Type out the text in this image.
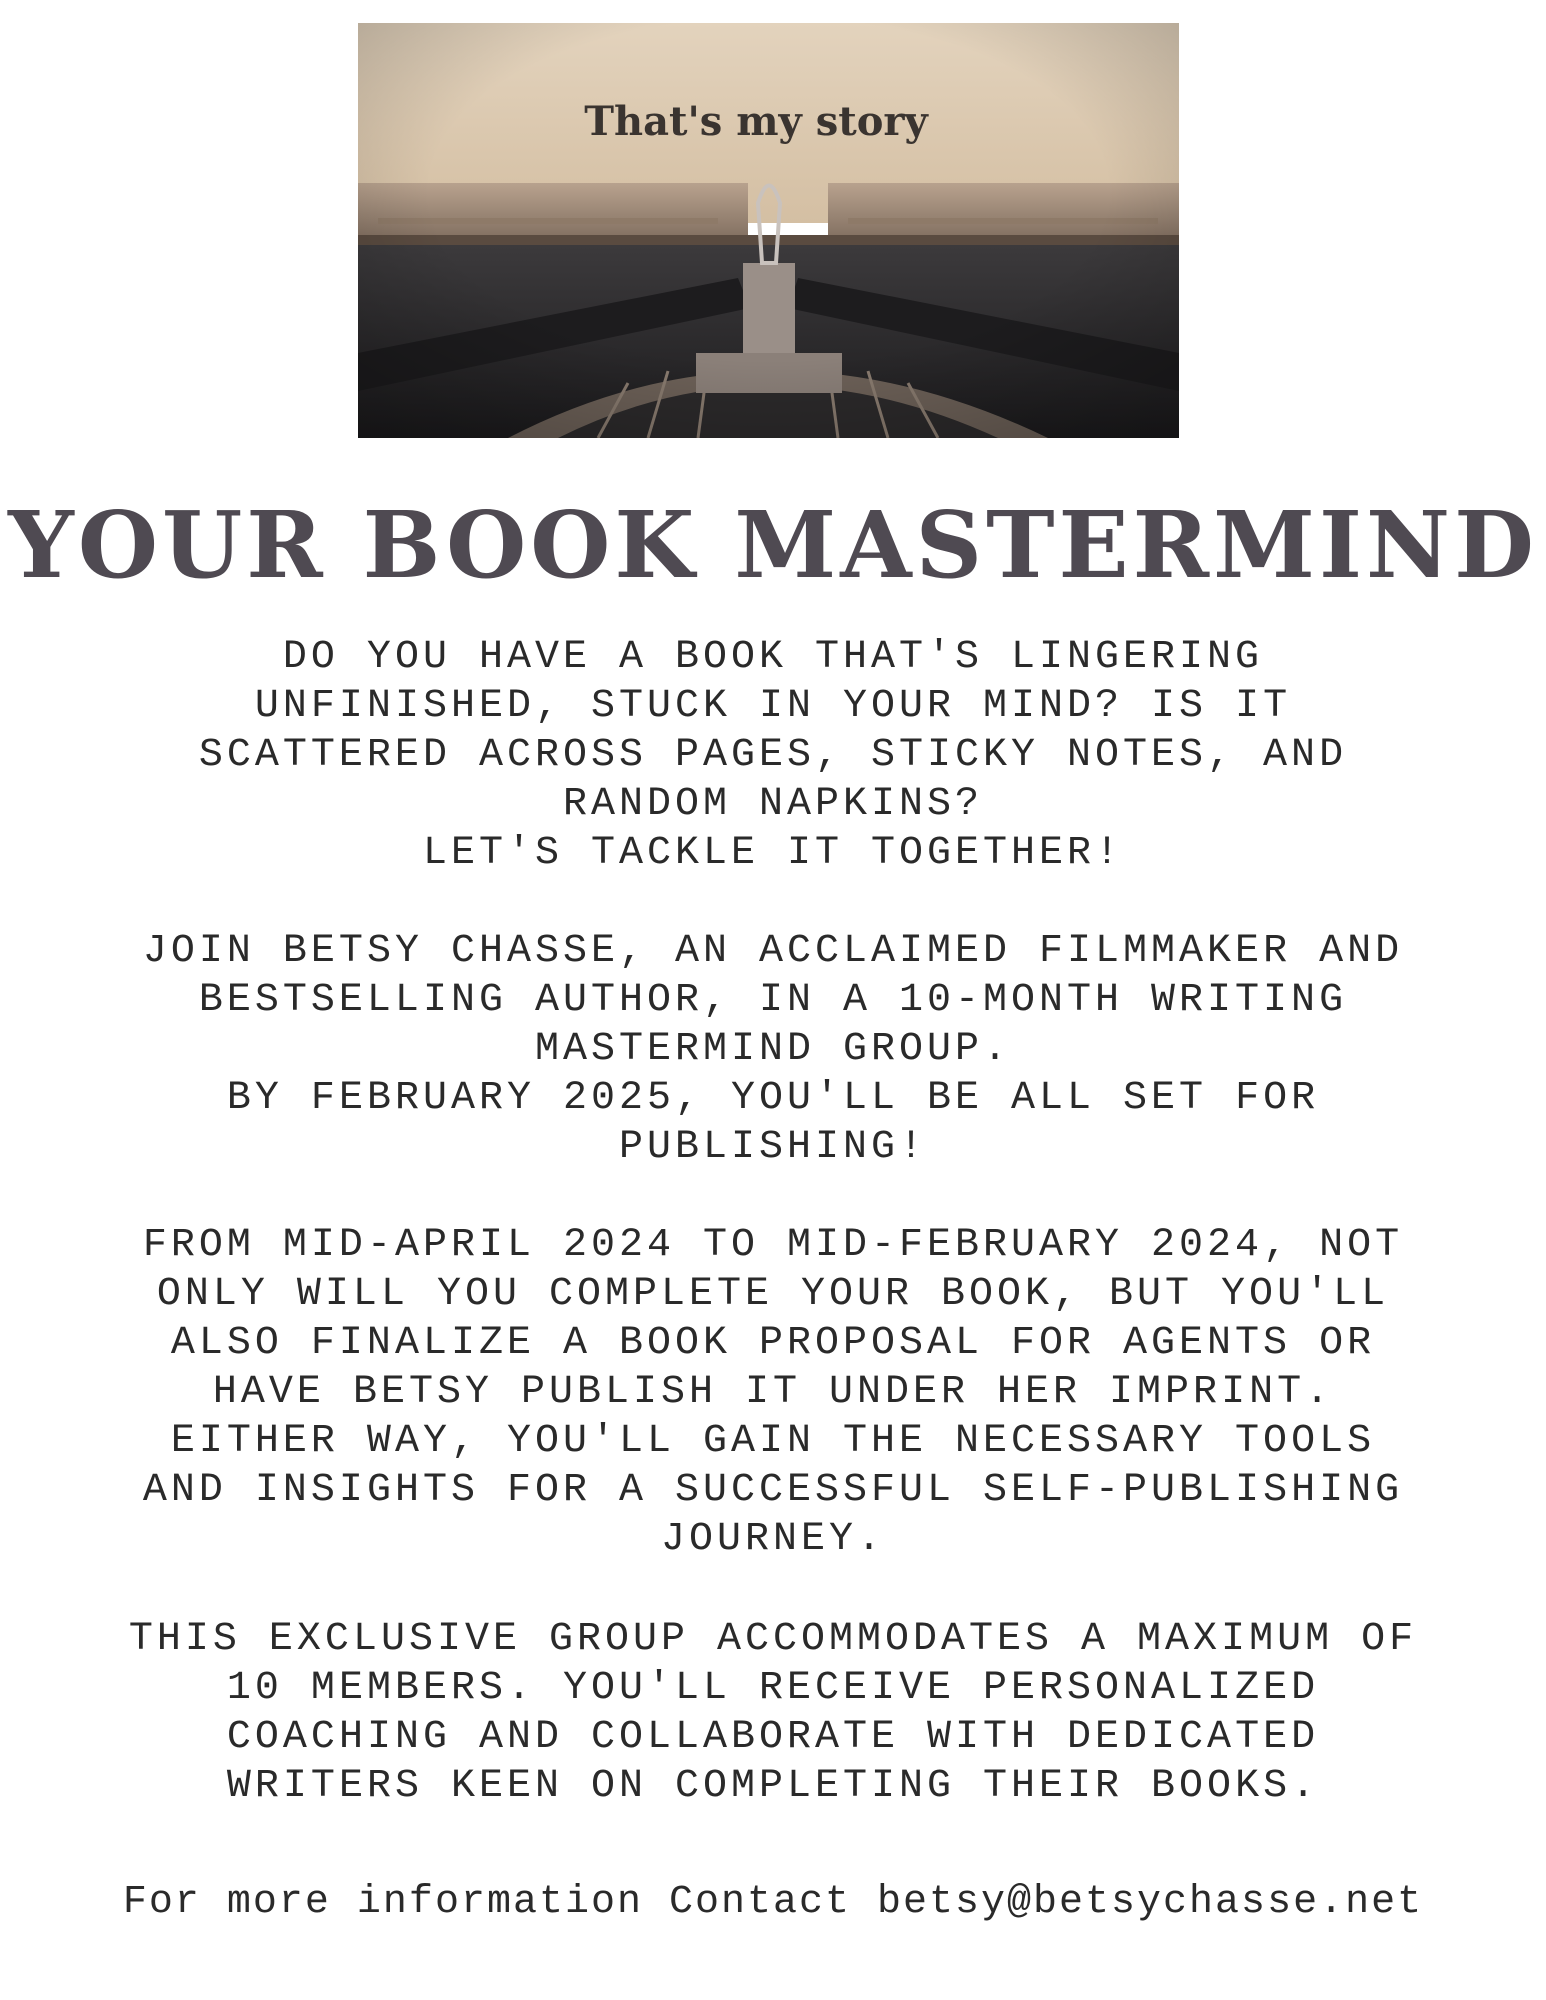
YOUR BOOK MASTERMIND
DO YOU HAVE A BOOK THAT'S LINGERING
UNFINISHED, STUCK IN YOUR MIND? IS IT
SCATTERED ACROSS PAGES, STICKY NOTES, AND
RANDOM NAPKINS?
LET'S TACKLE IT TOGETHER!
JOIN BETSY CHASSE, AN ACCLAIMED FILMMAKER AND
BESTSELLING AUTHOR, IN A 10-MONTH WRITING
MASTERMIND GROUP.
BY FEBRUARY 2025, YOU'LL BE ALL SET FOR
PUBLISHING!
FROM MID-APRIL 2024 TO MID-FEBRUARY 2024, NOT
ONLY WILL YOU COMPLETE YOUR BOOK, BUT YOU'LL
ALSO FINALIZE A BOOK PROPOSAL FOR AGENTS OR
HAVE BETSY PUBLISH IT UNDER HER IMPRINT.
EITHER WAY, YOU'LL GAIN THE NECESSARY TOOLS
AND INSIGHTS FOR A SUCCESSFUL SELF-PUBLISHING
JOURNEY.
THIS EXCLUSIVE GROUP ACCOMMODATES A MAXIMUM OF
10 MEMBERS. YOU'LL RECEIVE PERSONALIZED
COACHING AND COLLABORATE WITH DEDICATED
WRITERS KEEN ON COMPLETING THEIR BOOKS.
For more information Contact betsy@betsychasse.net
